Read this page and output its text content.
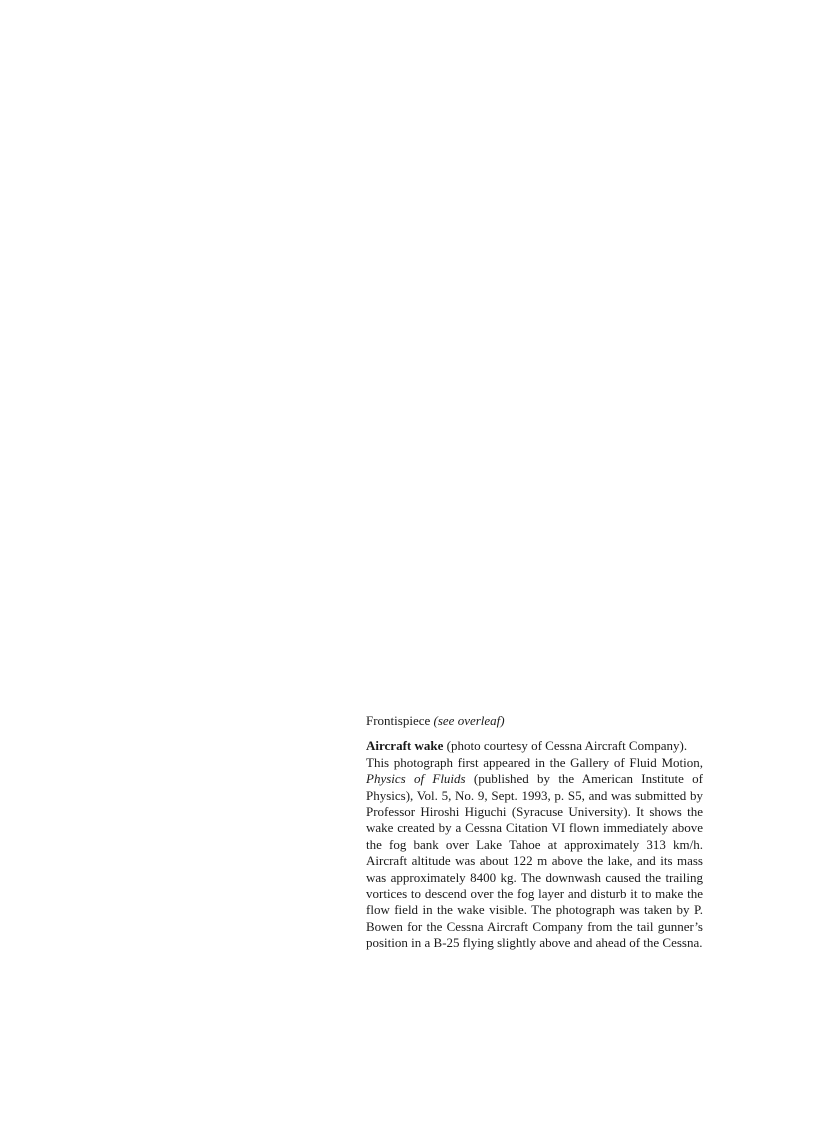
Frontispiece (see overleaf)

Aircraft wake (photo courtesy of Cessna Aircraft Company).

This photograph first appeared in the Gallery of Fluid Motion, Physics of Fluids (published by the American Institute of Physics), Vol. 5, No. 9, Sept. 1993, p. S5, and was submitted by Professor Hiroshi Higuchi (Syracuse University). It shows the wake created by a Cessna Citation VI flown immediately above the fog bank over Lake Tahoe at approximately 313 km/h. Aircraft altitude was about 122 m above the lake, and its mass was approximately 8400 kg. The downwash caused the trailing vortices to descend over the fog layer and disturb it to make the flow field in the wake visible. The photograph was taken by P. Bowen for the Cessna Aircraft Company from the tail gunner’s position in a B-25 flying slightly above and ahead of the Cessna.
